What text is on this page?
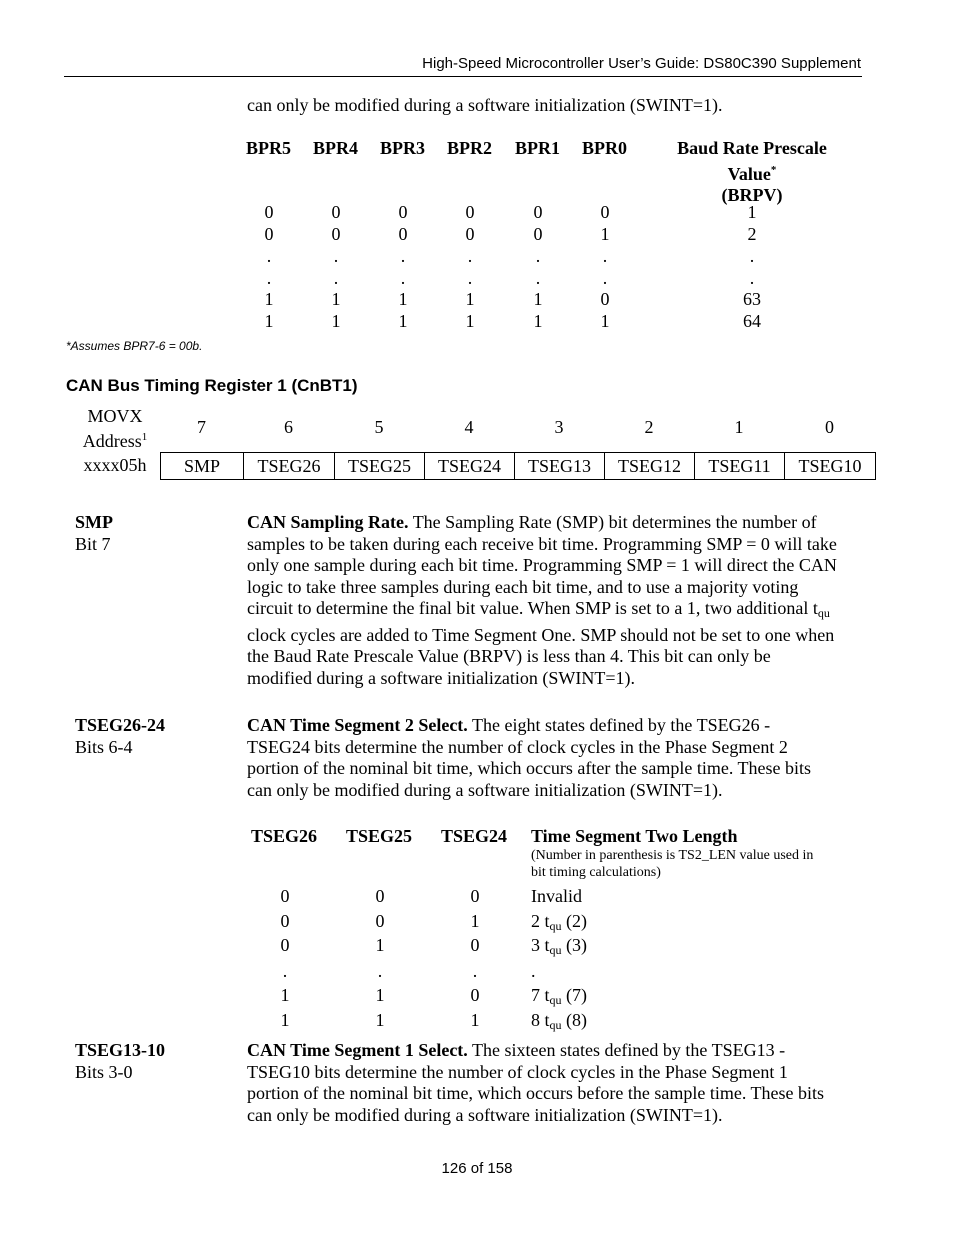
High-Speed Microcontroller User’s Guide: DS80C390 Supplement
can only be modified during a software initialization (SWINT=1).
BPR5 BPR4 BPR3 BPR2 BPR1 BPR0	Baud Rate Prescale
Value*
(BRPV)
0	0	0	0	0	0	1
0	0	0	0	0	1	2
.	.	.	.	.	.	.
.	.	.	.	.	.	.
1	1	1	1	1	0	63
1	1	1	1	1	1	64
*Assumes BPR7-6 = 00b.
CAN Bus Timing Register 1 (CnBT1)
MOVX
Address$^1$
xxxx05h
7	6	5	4	3	2	1	0
SMP	TSEG26	TSEG25	TSEG24	TSEG13	TSEG12	TSEG11	TSEG10
SMP
Bit 7
CAN Sampling Rate. The Sampling Rate (SMP) bit determines the number of
samples to be taken during each receive bit time. Programming SMP = 0 will take
only one sample during each bit time. Programming SMP = 1 will direct the CAN
logic to take three samples during each bit time, and to use a majority voting
circuit to determine the final bit value. When SMP is set to a 1, two additional $t_{qu}$
clock cycles are added to Time Segment One. SMP should not be set to one when
the Baud Rate Prescale Value (BRPV) is less than 4. This bit can only be
modified during a software initialization (SWINT=1).
TSEG26-24
Bits 6-4
CAN Time Segment 2 Select. The eight states defined by the TSEG26 -
TSEG24 bits determine the number of clock cycles in the Phase Segment 2
portion of the nominal bit time, which occurs after the sample time. These bits
can only be modified during a software initialization (SWINT=1).
TSEG26 TSEG25 TSEG24 Time Segment Two Length
(Number in parenthesis is TS2_LEN value used in
bit timing calculations)
0	0	0	Invalid
0	0	1	2 $t_{qu}$ (2)
0	1	0	3 $t_{qu}$ (3)
.	.	.	.
1	1	0	7 $t_{qu}$ (7)
1	1	1	8 $t_{qu}$ (8)
TSEG13-10
Bits 3-0
CAN Time Segment 1 Select. The sixteen states defined by the TSEG13 -
TSEG10 bits determine the number of clock cycles in the Phase Segment 1
portion of the nominal bit time, which occurs before the sample time. These bits
can only be modified during a software initialization (SWINT=1).
126 of 158
